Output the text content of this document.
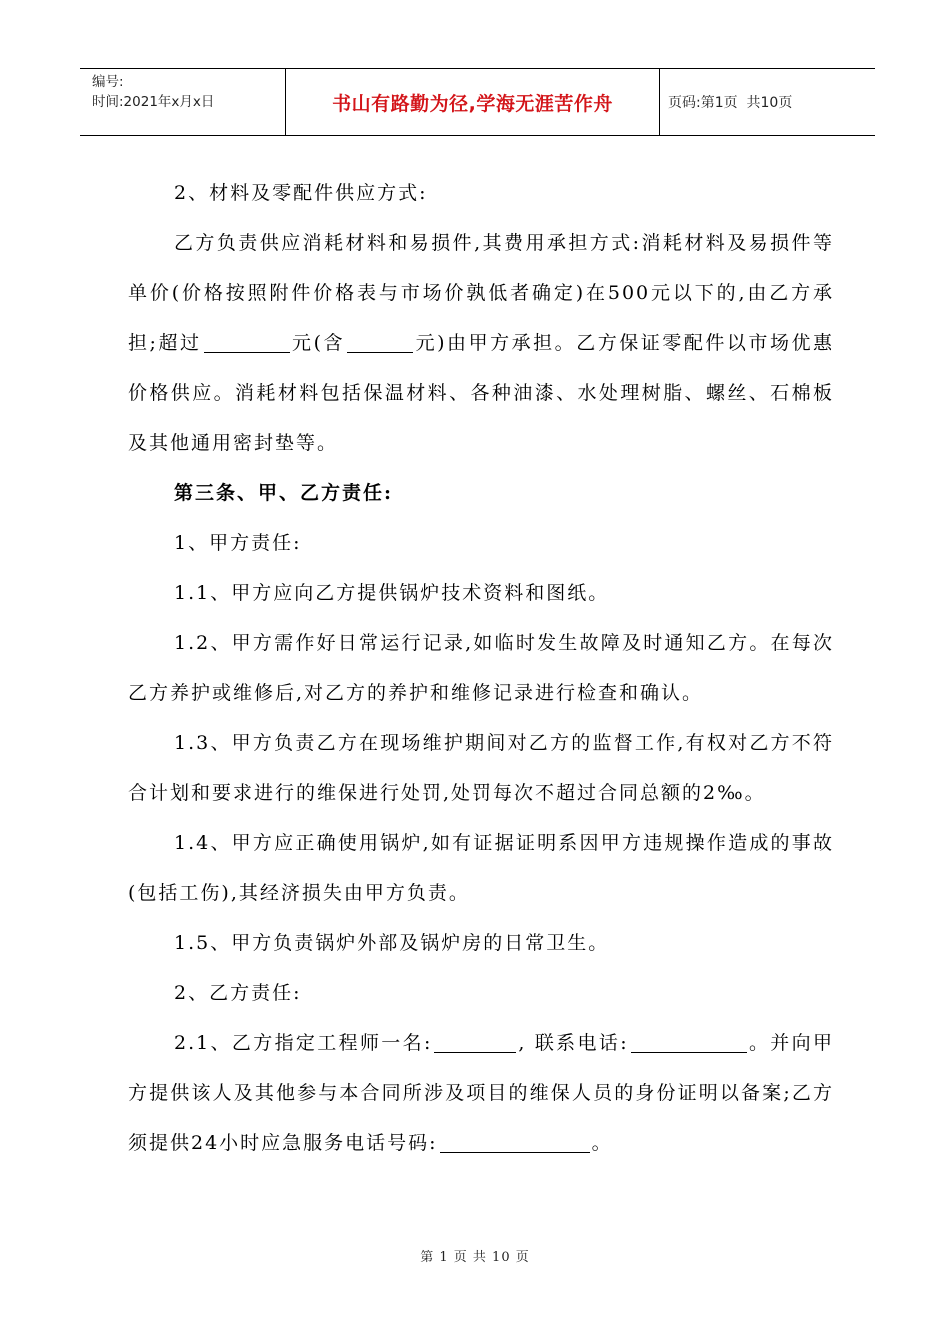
编号:
时间:2021年x月x日	书山有路勤为径,学海无涯苦作舟	页码:第1页  共10页

2、材料及零配件供应方式:

乙方负责供应消耗材料和易损件,其费用承担方式:消耗材料及易损件等单价(价格按照附件价格表与市场价孰低者确定)在500元以下的,由乙方承担;超过	元(含	元)由甲方承担。乙方保证零配件以市场优惠价格供应。消耗材料包括保温材料、各种油漆、水处理树脂、螺丝、石棉板及其他通用密封垫等。

第三条、甲、乙方责任:

1、甲方责任:

1.1、甲方应向乙方提供锅炉技术资料和图纸。

1.2、甲方需作好日常运行记录,如临时发生故障及时通知乙方。在每次乙方养护或维修后,对乙方的养护和维修记录进行检查和确认。

1.3、甲方负责乙方在现场维护期间对乙方的监督工作,有权对乙方不符合计划和要求进行的维保进行处罚,处罚每次不超过合同总额的2‰。

1.4、甲方应正确使用锅炉,如有证据证明系因甲方违规操作造成的事故(包括工伤),其经济损失由甲方负责。

1.5、甲方负责锅炉外部及锅炉房的日常卫生。

2、乙方责任:

2.1、乙方指定工程师一名:	, 联系电话:	。并向甲方提供该人及其他参与本合同所涉及项目的维保人员的身份证明以备案;乙方须提供24小时应急服务电话号码:	。

第 1 页 共 10 页
